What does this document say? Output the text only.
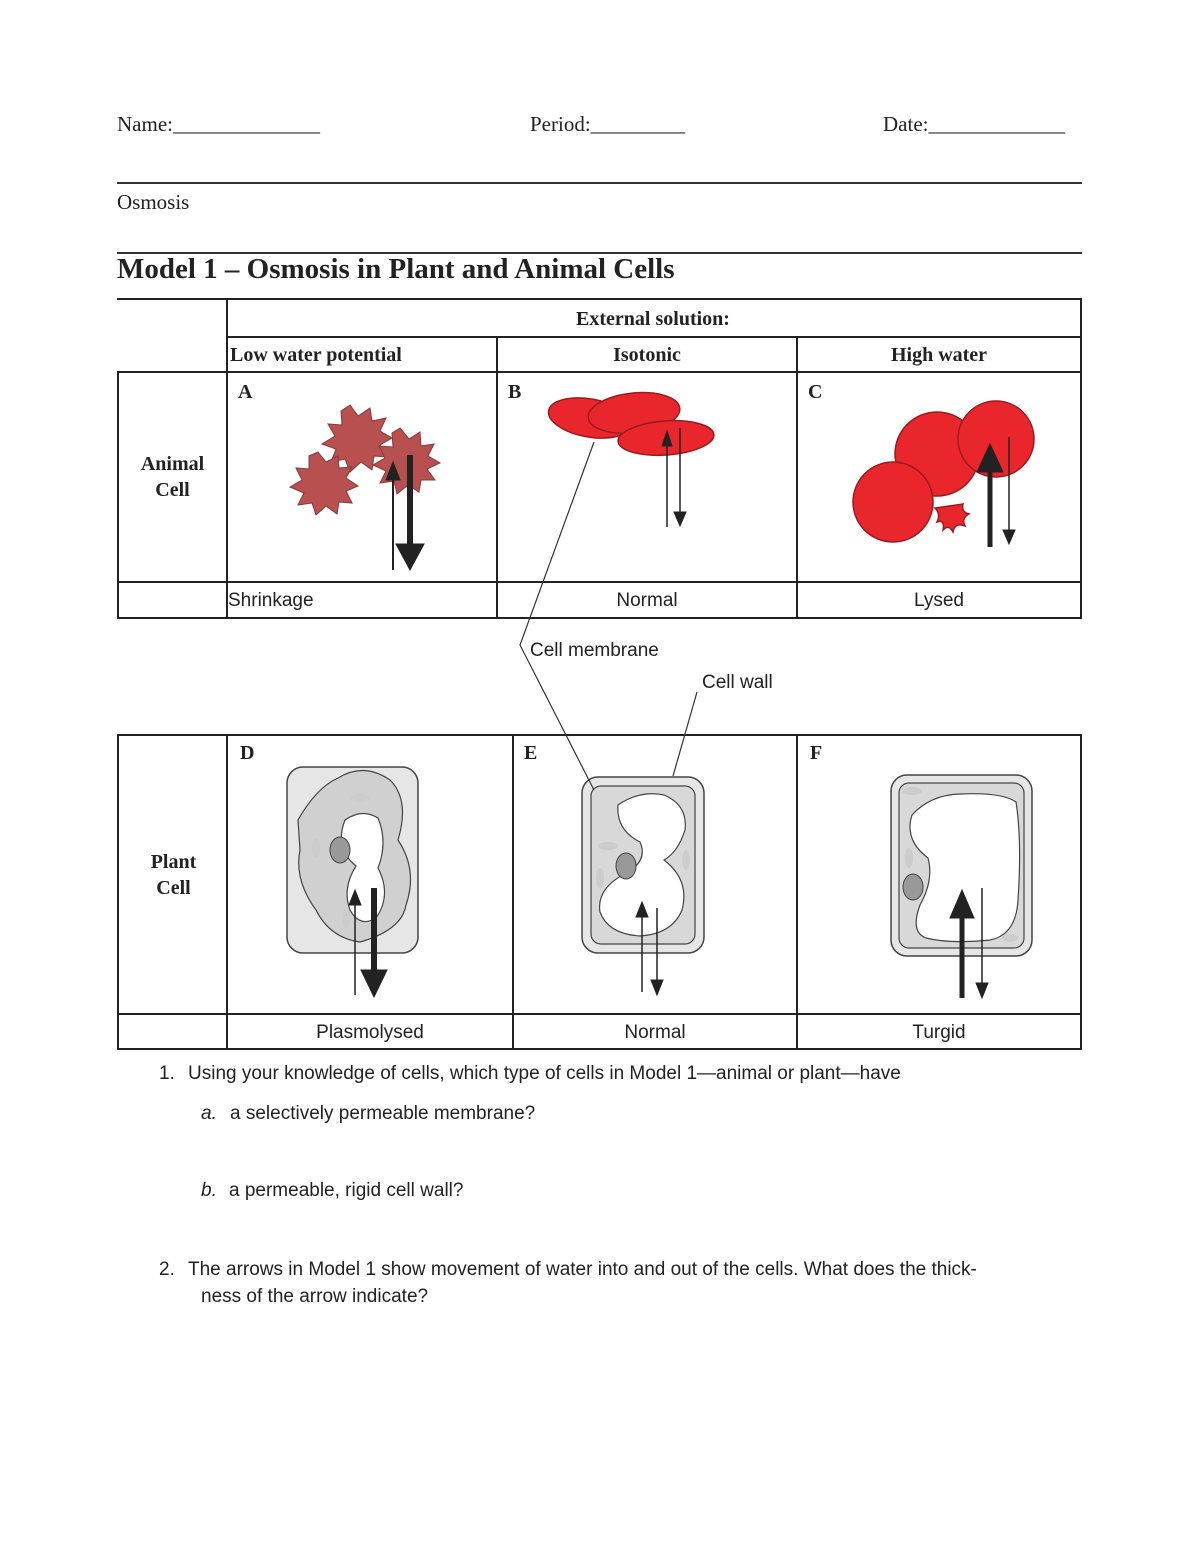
Name:______________	Period:_________	Date:_____________
Osmosis
Model 1 – Osmosis in Plant and Animal Cells
External solution:
Low water potential	Isotonic	High water
Animal
Cell
A	B	C
Shrinkage	Normal	Lysed
Plant
Cell
D	E	F
Plasmolysed	Normal	Turgid
Cell membrane
Cell wall
1. Using your knowledge of cells, which type of cells in Model 1—animal or plant—have
a. a selectively permeable membrane?
b. a permeable, rigid cell wall?
2. The arrows in Model 1 show movement of water into and out of the cells. What does the thick-
ness of the arrow indicate?
